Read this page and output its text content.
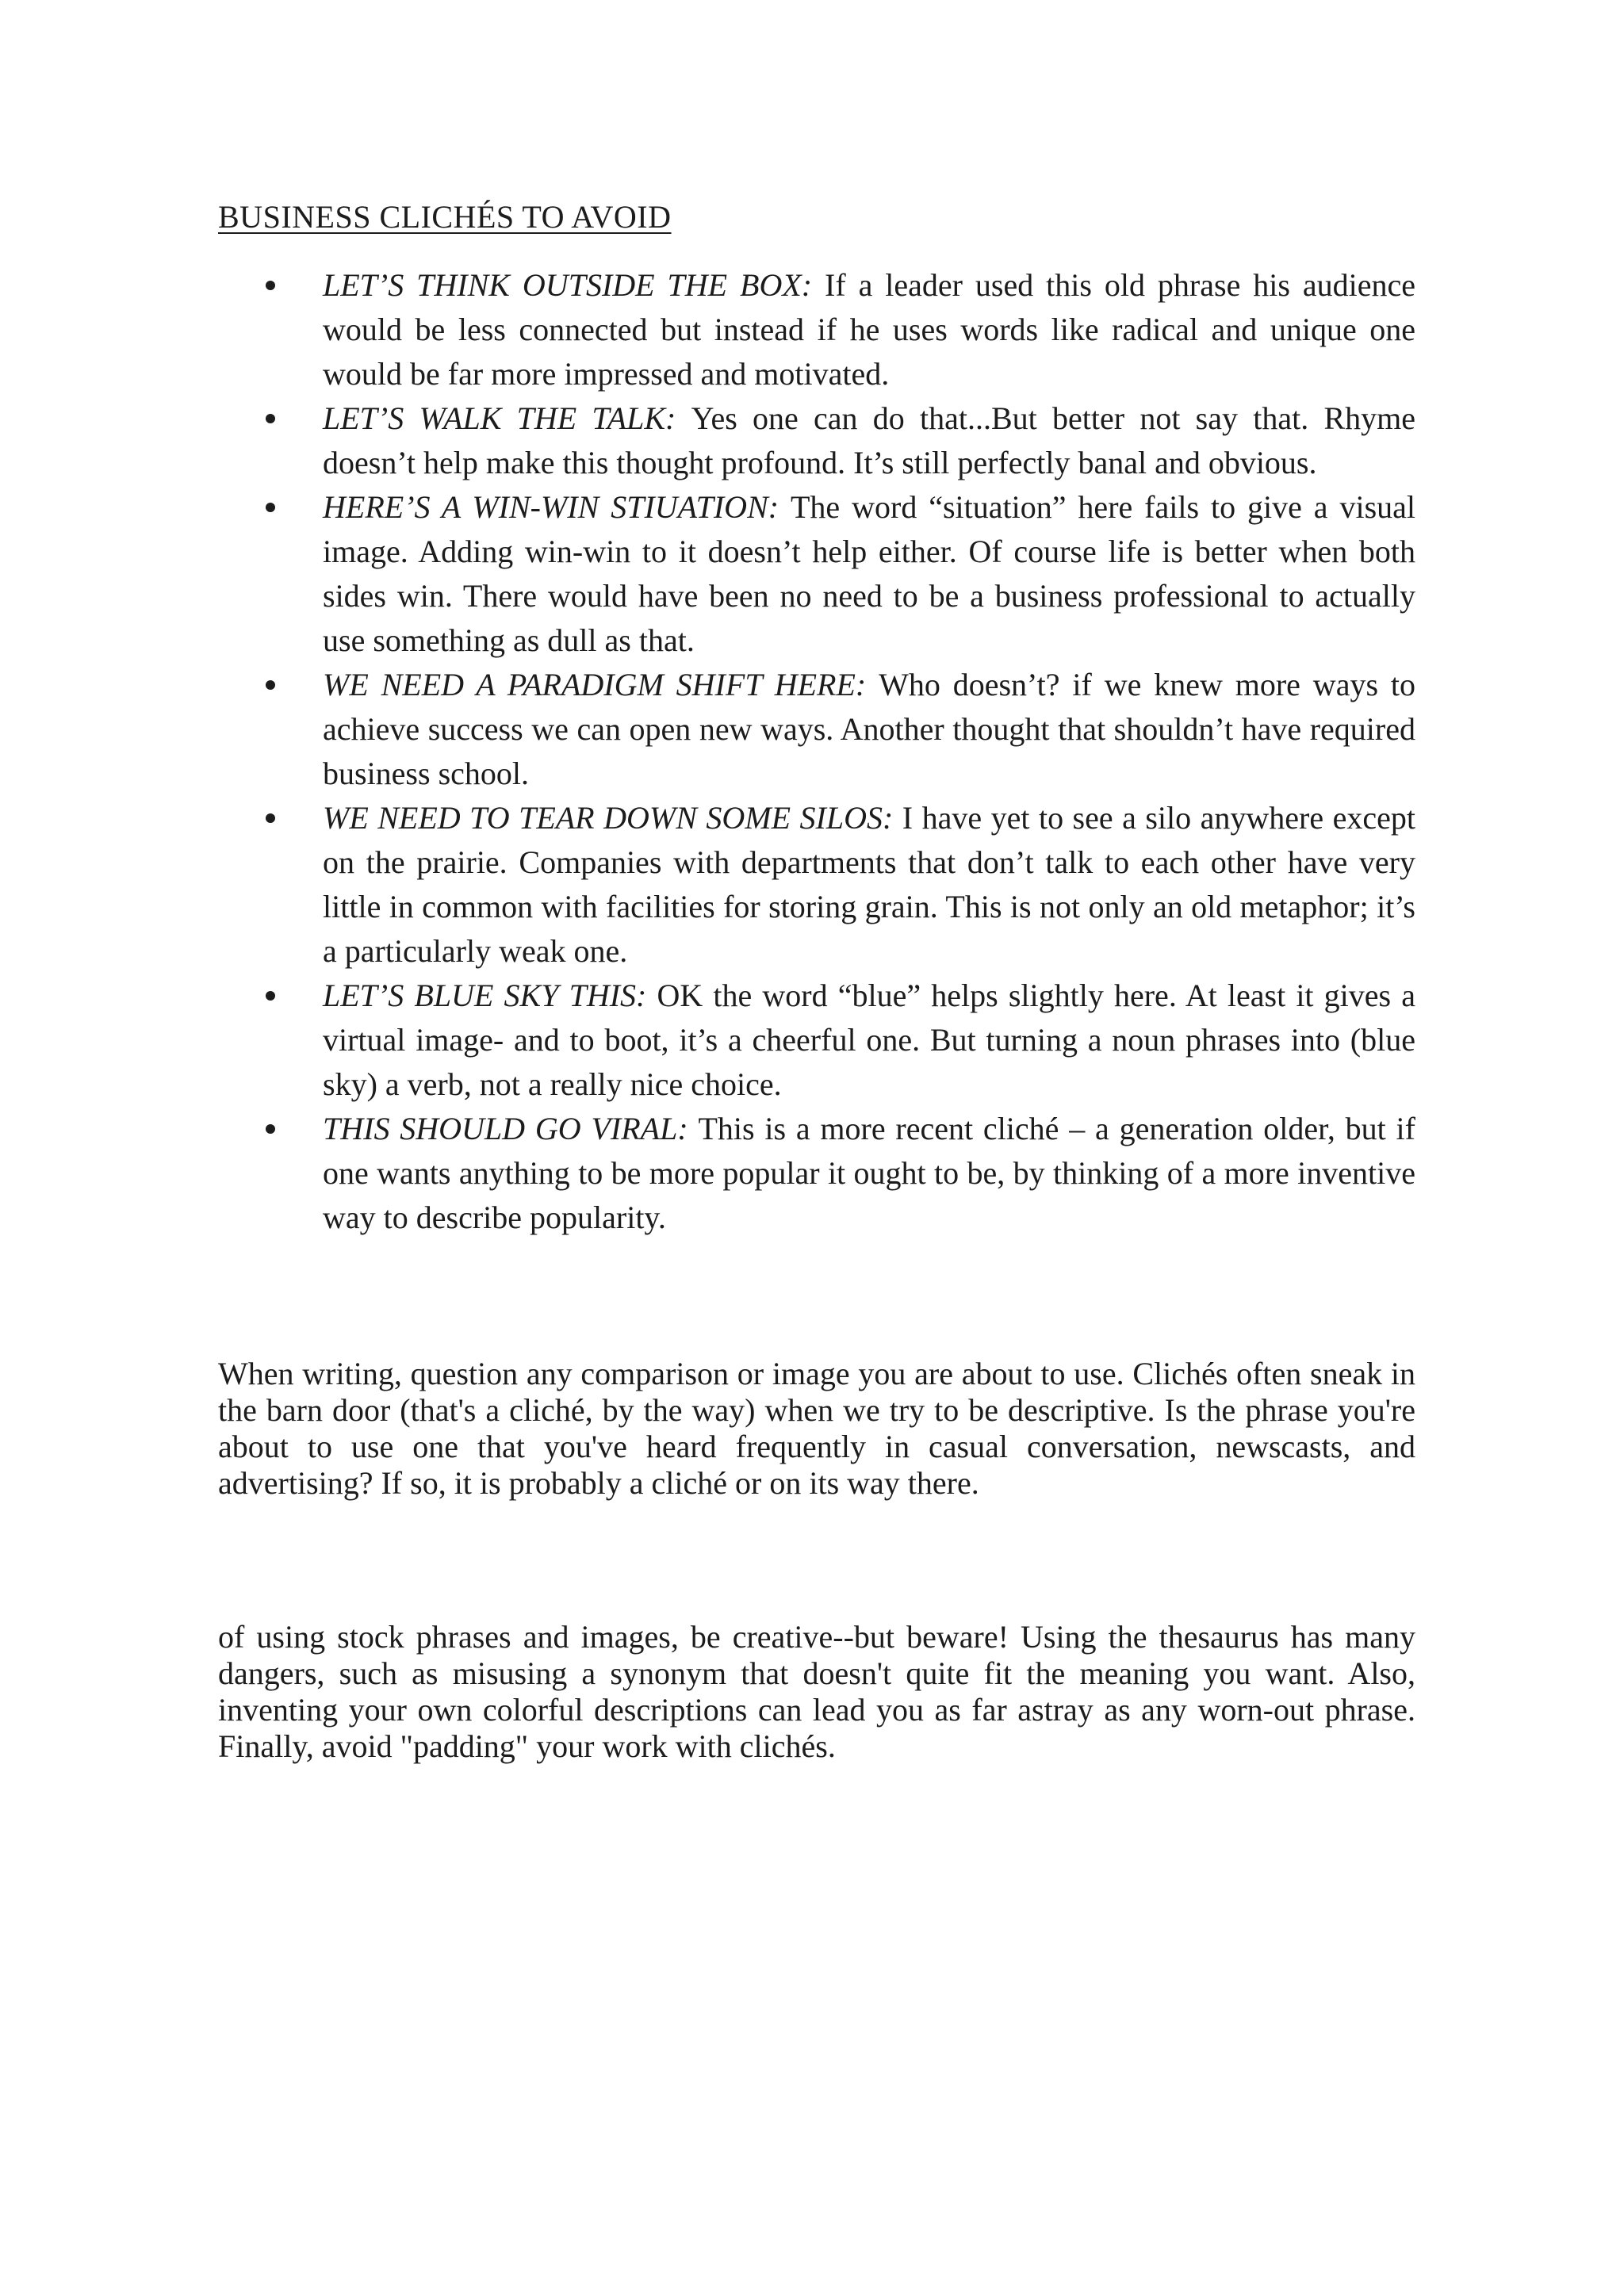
BUSINESS CLICHÉS TO AVOID
LET’S THINK OUTSIDE THE BOX: If a leader used this old phrase his audience would be less connected but instead if he uses words like radical and unique one would be far more impressed and motivated.
LET’S WALK THE TALK: Yes one can do that...But better not say that. Rhyme doesn’t help make this thought profound. It’s still perfectly banal and obvious.
HERE’S A WIN-WIN STIUATION: The word “situation” here fails to give a visual image. Adding win-win to it doesn’t help either. Of course life is better when both sides win. There would have been no need to be a business professional to actually use something as dull as that.
WE NEED A PARADIGM SHIFT HERE: Who doesn’t? if we knew more ways to achieve success we can open new ways. Another thought that shouldn’t have required business school.
WE NEED TO TEAR DOWN SOME SILOS: I have yet to see a silo anywhere except on the prairie. Companies with departments that don’t talk to each other have very little in common with facilities for storing grain. This is not only an old metaphor; it’s a particularly weak one.
LET’S BLUE SKY THIS: OK the word “blue” helps slightly here. At least it gives a virtual image- and to boot, it’s a cheerful one. But turning a noun phrases into (blue sky) a verb, not a really nice choice.
THIS SHOULD GO VIRAL: This is a more recent cliché – a generation older, but if one wants anything to be more popular it ought to be, by thinking of a more inventive way to describe popularity.

When writing, question any comparison or image you are about to use. Clichés often sneak in the barn door (that's a cliché, by the way) when we try to be descriptive. Is the phrase you're about to use one that you've heard frequently in casual conversation, newscasts, and advertising? If so, it is probably a cliché or on its way there.

of using stock phrases and images, be creative--but beware! Using the thesaurus has many dangers, such as misusing a synonym that doesn't quite fit the meaning you want. Also, inventing your own colorful descriptions can lead you as far astray as any worn-out phrase. Finally, avoid "padding" your work with clichés.
